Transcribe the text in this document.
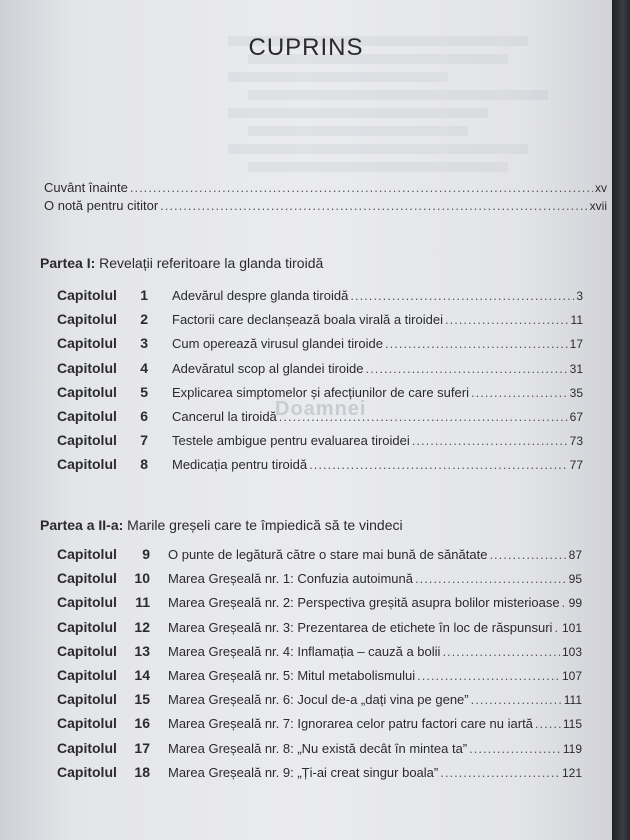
CUPRINS
Cuvânt înainte .....	xv
O notă pentru cititor .....	xvii
Partea I: Revelații referitoare la glanda tiroidă
Capitolul	1 Adevărul despre glanda tiroidă .....	3
Capitolul	2 Factorii care declanșează boala virală a tiroidei .....	11
Capitolul	3 Cum operează virusul glandei tiroide .....	17
Capitolul	4 Adevăratul scop al glandei tiroide .....	31
Capitolul	5 Explicarea simptomelor și afecțiunilor de care suferi .....	35
Capitolul	6 Cancerul la tiroidă .....	67
Capitolul	7 Testele ambigue pentru evaluarea tiroidei .....	73
Capitolul	8 Medicația pentru tiroidă .....	77
Partea a II-a: Marile greșeli care te împiedică să te vindeci
Capitolul	9 O punte de legătură către o stare mai bună de sănătate .....	87
Capitolul	10 Marea Greșeală nr. 1: Confuzia autoimună .....	95
Capitolul	11 Marea Greșeală nr. 2: Perspectiva greșită asupra bolilor misterioase ..... 99
Capitolul	12 Marea Greșeală nr. 3: Prezentarea de etichete în loc de răspunsuri ..... 101
Capitolul	13 Marea Greșeală nr. 4: Inflamația – cauză a bolii .....	103
Capitolul	14 Marea Greșeală nr. 5: Mitul metabolismului .....	107
Capitolul	15 Marea Greșeală nr. 6: Jocul de-a „dați vina pe gene” .....	111
Capitolul	16 Marea Greșeală nr. 7: Ignorarea celor patru factori care nu iartă ..... 115
Capitolul	17 Marea Greșeală nr. 8: „Nu există decât în mintea ta” .....	119
Capitolul	18 Marea Greșeală nr. 9: „Ți-ai creat singur boala” .....	121
Doamnei
